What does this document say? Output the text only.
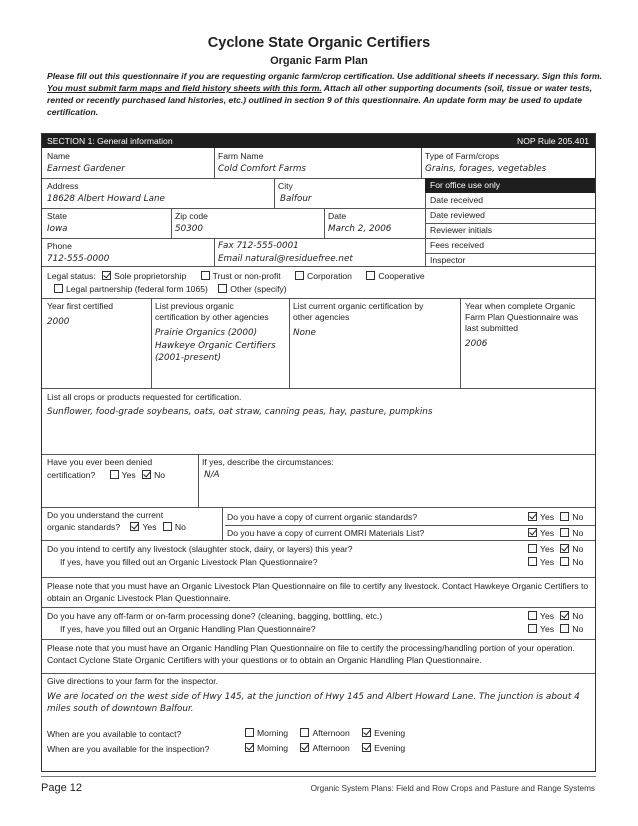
Cyclone State Organic Certifiers
Organic Farm Plan
Please fill out this questionnaire if you are requesting organic farm/crop certification. Use additional sheets if necessary. Sign this form. You must submit farm maps and field history sheets with this form. Attach all other supporting documents (soil, tissue or water tests, rented or recently purchased land histories, etc.) outlined in section 9 of this questionnaire. An update form may be used to update certification.
SECTION 1: General information	NOP Rule 205.401
Name
Earnest Gardener
Farm Name
Cold Comfort Farms
Type of Farm/crops
Grains, forages, vegetables
Address
18628 Albert Howard Lane
City
Balfour
State
Iowa
Zip code
50300
Date
March 2, 2006
Phone
712-555-0000
Fax 712-555-0001
Email natural@residuefree.net
For office use only
Date received
Date reviewed
Reviewer initials
Fees received
Inspector
Legal status: Sole proprietorship	Trust or non-profit	Corporation	Cooperative
Legal partnership (federal form 1065)	Other (specify)
Year first certified
2000
List previous organic
certification by other agencies
Prairie Organics (2000)
Hawkeye Organic Certifiers
(2001-present)
List current organic certification by
other agencies
None
Year when complete Organic
Farm Plan Questionnaire was
last submitted
2006
List all crops or products requested for certification.
Sunflower, food-grade soybeans, oats, oat straw, canning peas, hay, pasture, pumpkins
Have you ever been denied
certification?	Yes No
If yes, describe the circumstances:
N/A
Do you understand the current
organic standards?	Yes No
Do you have a copy of current organic standards?
Do you have a copy of current OMRI Materials List?
Yes No
Yes No
Do you intend to certify any livestock (slaughter stock, dairy, or layers) this year?
If yes, have you filled out an Organic Livestock Plan Questionnaire?
Yes No
Yes No
Please note that you must have an Organic Livestock Plan Questionnaire on file to certify any livestock. Contact Hawkeye Organic Certifiers to obtain an Organic Livestock Plan Questionnaire.
Do you have any off-farm or on-farm processing done? (cleaning, bagging, bottling, etc.)
If yes, have you filled out an Organic Handling Plan Questionnaire?
Yes No
Yes No
Please note that you must have an Organic Handling Plan Questionnaire on file to certify the processing/handling portion of your operation. Contact Cyclone State Organic Certifiers with your questions or to obtain an Organic Handling Plan Questionnaire.
Give directions to your farm for the inspector.
We are located on the west side of Hwy 145, at the junction of Hwy 145 and Albert Howard Lane. The junction is about 4 miles south of downtown Balfour.
When are you available to contact?	Morning	Afternoon	Evening
When are you available for the inspection?	Morning	Afternoon	Evening
Page 12	Organic System Plans: Field and Row Crops and Pasture and Range Systems
